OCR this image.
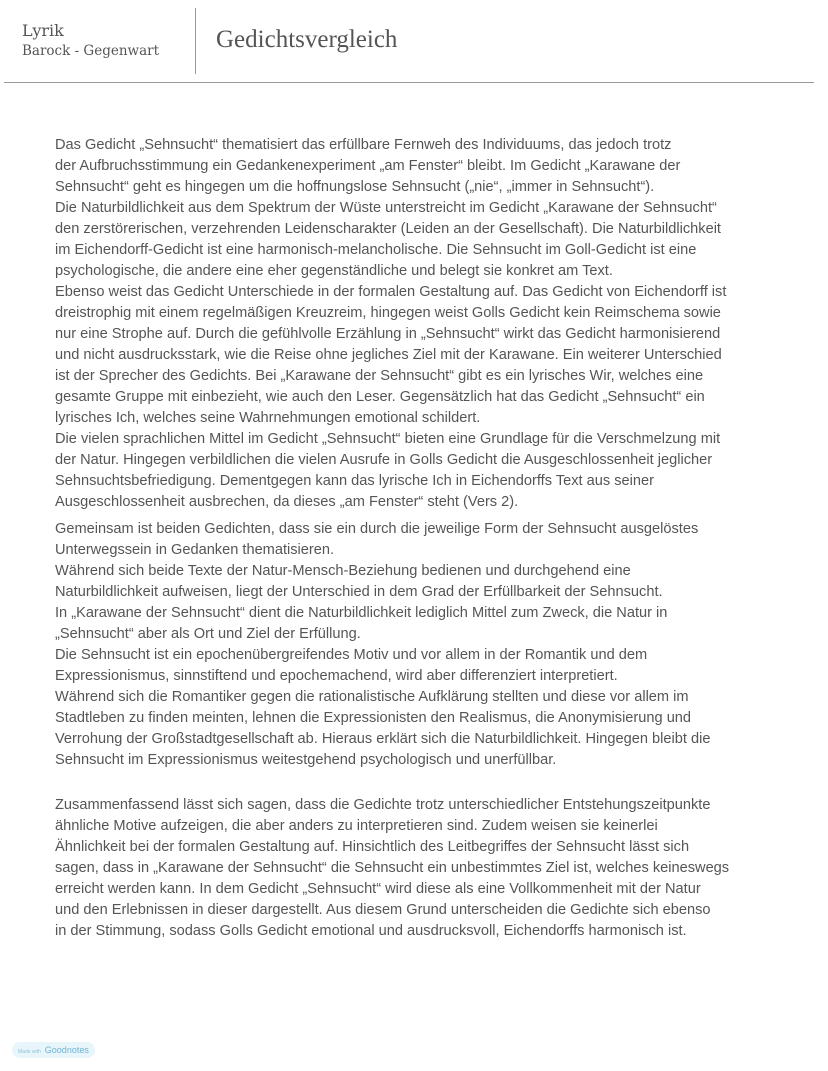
Lyrik
Barock - Gegenwart Gedichtsvergleich
Das Gedicht „Sehnsucht“ thematisiert das erfüllbare Fernweh des Individuums, das jedoch trotz
der Aufbruchsstimmung ein Gedankenexperiment „am Fenster“ bleibt. Im Gedicht „Karawane der
Sehnsucht“ geht es hingegen um die hoffnungslose Sehnsucht („nie“, „immer in Sehnsucht“).
Die Naturbildlichkeit aus dem Spektrum der Wüste unterstreicht im Gedicht „Karawane der Sehnsucht“
den zerstörerischen, verzehrenden Leidenscharakter (Leiden an der Gesellschaft). Die Naturbildlichkeit
im Eichendorff-Gedicht ist eine harmonisch-melancholische. Die Sehnsucht im Goll-Gedicht ist eine
psychologische, die andere eine eher gegenständliche und belegt sie konkret am Text.
Ebenso weist das Gedicht Unterschiede in der formalen Gestaltung auf. Das Gedicht von Eichendorff ist
dreistrophig mit einem regelmäßigen Kreuzreim, hingegen weist Golls Gedicht kein Reimschema sowie
nur eine Strophe auf. Durch die gefühlvolle Erzählung in „Sehnsucht“ wirkt das Gedicht harmonisierend
und nicht ausdrucksstark, wie die Reise ohne jegliches Ziel mit der Karawane. Ein weiterer Unterschied
ist der Sprecher des Gedichts. Bei „Karawane der Sehnsucht“ gibt es ein lyrisches Wir, welches eine
gesamte Gruppe mit einbezieht, wie auch den Leser. Gegensätzlich hat das Gedicht „Sehnsucht“ ein
lyrisches Ich, welches seine Wahrnehmungen emotional schildert.
Die vielen sprachlichen Mittel im Gedicht „Sehnsucht“ bieten eine Grundlage für die Verschmelzung mit
der Natur. Hingegen verbildlichen die vielen Ausrufe in Golls Gedicht die Ausgeschlossenheit jeglicher
Sehnsuchtsbefriedigung. Dementgegen kann das lyrische Ich in Eichendorffs Text aus seiner
Ausgeschlossenheit ausbrechen, da dieses „am Fenster“ steht (Vers 2).
Gemeinsam ist beiden Gedichten, dass sie ein durch die jeweilige Form der Sehnsucht ausgelöstes
Unterwegssein in Gedanken thematisieren.
Während sich beide Texte der Natur-Mensch-Beziehung bedienen und durchgehend eine
Naturbildlichkeit aufweisen, liegt der Unterschied in dem Grad der Erfüllbarkeit der Sehnsucht.
In „Karawane der Sehnsucht“ dient die Naturbildlichkeit lediglich Mittel zum Zweck, die Natur in
„Sehnsucht“ aber als Ort und Ziel der Erfüllung.
Die Sehnsucht ist ein epochenübergreifendes Motiv und vor allem in der Romantik und dem
Expressionismus, sinnstiftend und epochemachend, wird aber differenziert interpretiert.
Während sich die Romantiker gegen die rationalistische Aufklärung stellten und diese vor allem im
Stadtleben zu finden meinten, lehnen die Expressionisten den Realismus, die Anonymisierung und
Verrohung der Großstadtgesellschaft ab. Hieraus erklärt sich die Naturbildlichkeit. Hingegen bleibt die
Sehnsucht im Expressionismus weitestgehend psychologisch und unerfüllbar.
Zusammenfassend lässt sich sagen, dass die Gedichte trotz unterschiedlicher Entstehungszeitpunkte
ähnliche Motive aufzeigen, die aber anders zu interpretieren sind. Zudem weisen sie keinerlei
Ähnlichkeit bei der formalen Gestaltung auf. Hinsichtlich des Leitbegriffes der Sehnsucht lässt sich
sagen, dass in „Karawane der Sehnsucht“ die Sehnsucht ein unbestimmtes Ziel ist, welches keineswegs
erreicht werden kann. In dem Gedicht „Sehnsucht“ wird diese als eine Vollkommenheit mit der Natur
und den Erlebnissen in dieser dargestellt. Aus diesem Grund unterscheiden die Gedichte sich ebenso
in der Stimmung, sodass Golls Gedicht emotional und ausdrucksvoll, Eichendorffs harmonisch ist.
Made with Goodnotes
